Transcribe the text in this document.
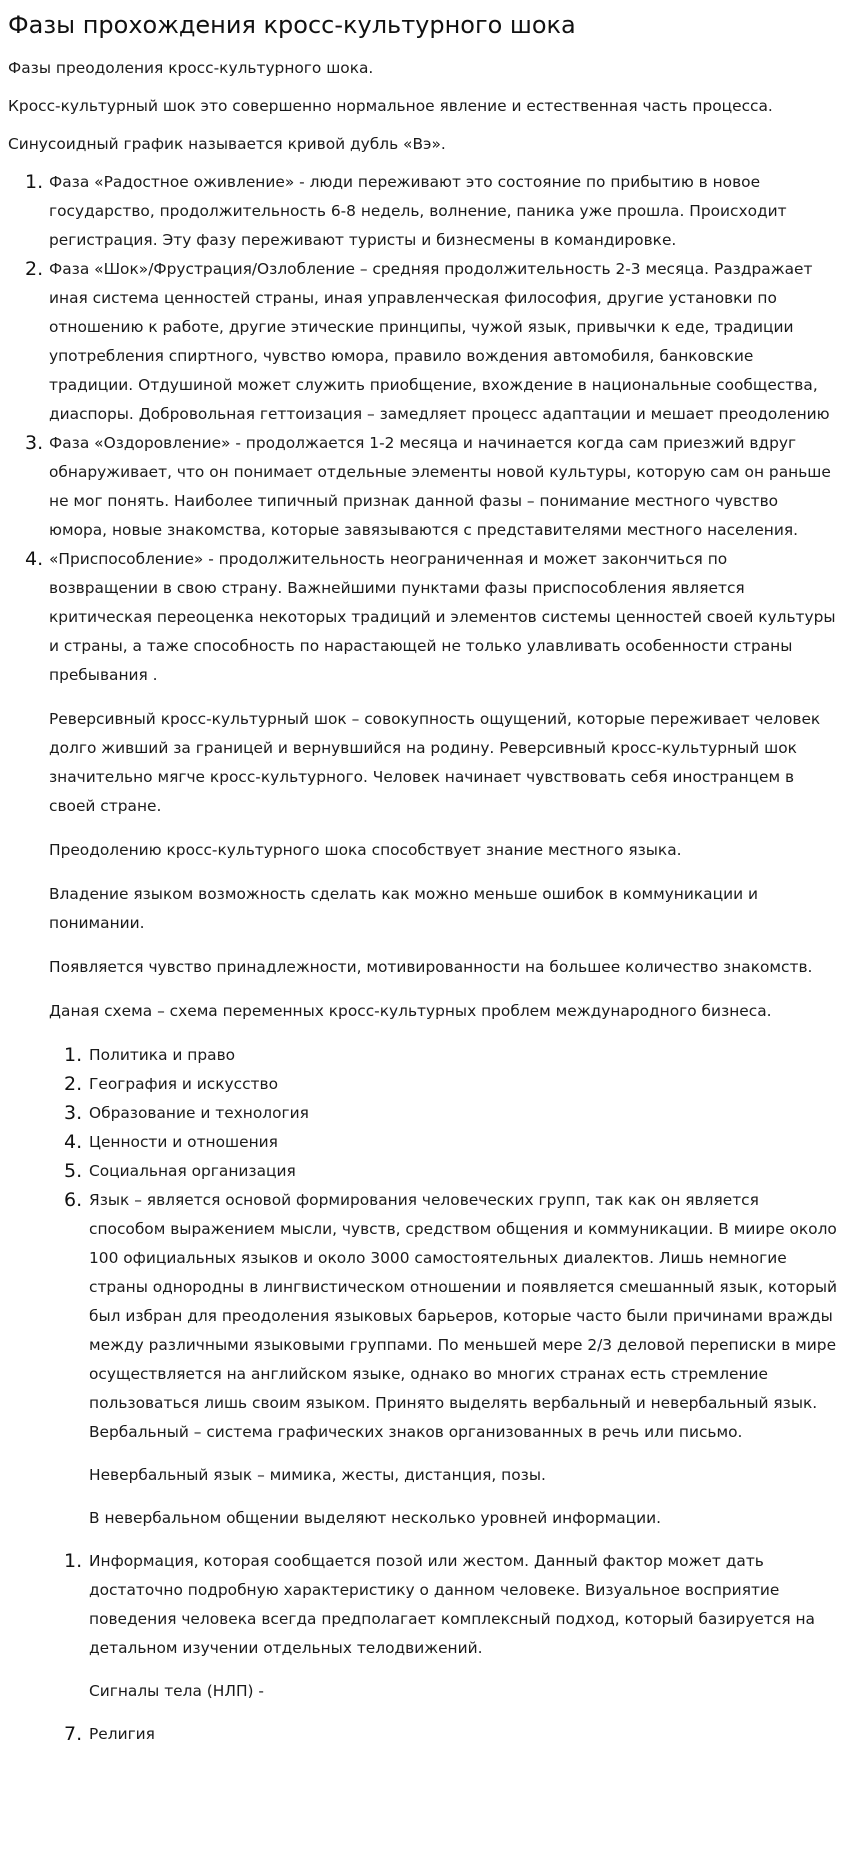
Фазы прохождения кросс-культурного шока

Фазы преодоления кросс-культурного шока.

Кросс-культурный шок это совершенно нормальное явление и естественная часть процесса.

Синусоидный график называется кривой дубль «Вэ».

1. Фаза «Радостное оживление» - люди переживают это состояние по прибытию в новое государство, продолжительность 6-8 недель, волнение, паника уже прошла. Происходит регистрация. Эту фазу переживают туристы и бизнесмены в командировке.
2. Фаза «Шок»/Фрустрация/Озлобление – средняя продолжительность 2-3 месяца. Раздражает иная система ценностей страны, иная управленческая философия, другие установки по отношению к работе, другие этические принципы, чужой язык, привычки к еде, традиции употребления спиртного, чувство юмора, правило вождения автомобиля, банковские традиции. Отдушиной может служить приобщение, вхождение в национальные сообщества, диаспоры. Добровольная геттоизация – замедляет процесс адаптации и мешает преодолению
3. Фаза «Оздоровление» - продолжается 1-2 месяца и начинается когда сам приезжий вдруг обнаруживает, что он понимает отдельные элементы новой культуры, которую сам он раньше не мог понять. Наиболее типичный признак данной фазы – понимание местного чувство юмора, новые знакомства, которые завязываются с представителями местного населения.
4. «Приспособление» - продолжительность неограниченная и может закончиться по возвращении в свою страну. Важнейшими пунктами фазы приспособления является критическая переоценка некоторых традиций и элементов системы ценностей своей культуры и страны, а таже способность по нарастающей не только улавливать особенности страны пребывания .

Реверсивный кросс-культурный шок – совокупность ощущений, которые переживает человек долго живший за границей и вернувшийся на родину. Реверсивный кросс-культурный шок значительно мягче кросс-культурного. Человек начинает чувствовать себя иностранцем в своей стране.

Преодолению кросс-культурного шока способствует знание местного языка.

Владение языком возможность сделать как можно меньше ошибок в коммуникации и понимании.

Появляется чувство принадлежности, мотивированности на большее количество знакомств.

Даная схема – схема переменных кросс-культурных проблем международного бизнеса.

1. Политика и право
2. География и искусство
3. Образование и технология
4. Ценности и отношения
5. Социальная организация
6. Язык – является основой формирования человеческих групп, так как он является способом выражением мысли, чувств, средством общения и коммуникации. В миире около 100 официальных языков и около 3000 самостоятельных диалектов. Лишь немногие страны однородны в лингвистическом отношении и появляется смешанный язык, который был избран для преодоления языковых барьеров, которые часто были причинами вражды между различными языковыми группами. По меньшей мере 2/3 деловой переписки в мире осуществляется на английском языке, однако во многих странах есть стремление пользоваться лишь своим языком. Принято выделять вербальный и невербальный язык. Вербальный – система графических знаков организованных в речь или письмо.

Невербальный язык – мимика, жесты, дистанция, позы.

В невербальном общении выделяют несколько уровней информации.

1. Информация, которая сообщается позой или жестом. Данный фактор может дать достаточно подробную характеристику о данном человеке. Визуальное восприятие поведения человека всегда предполагает комплексный подход, который базируется на детальном изучении отдельных телодвижений.

Сигналы тела (НЛП) -

7. Религия
